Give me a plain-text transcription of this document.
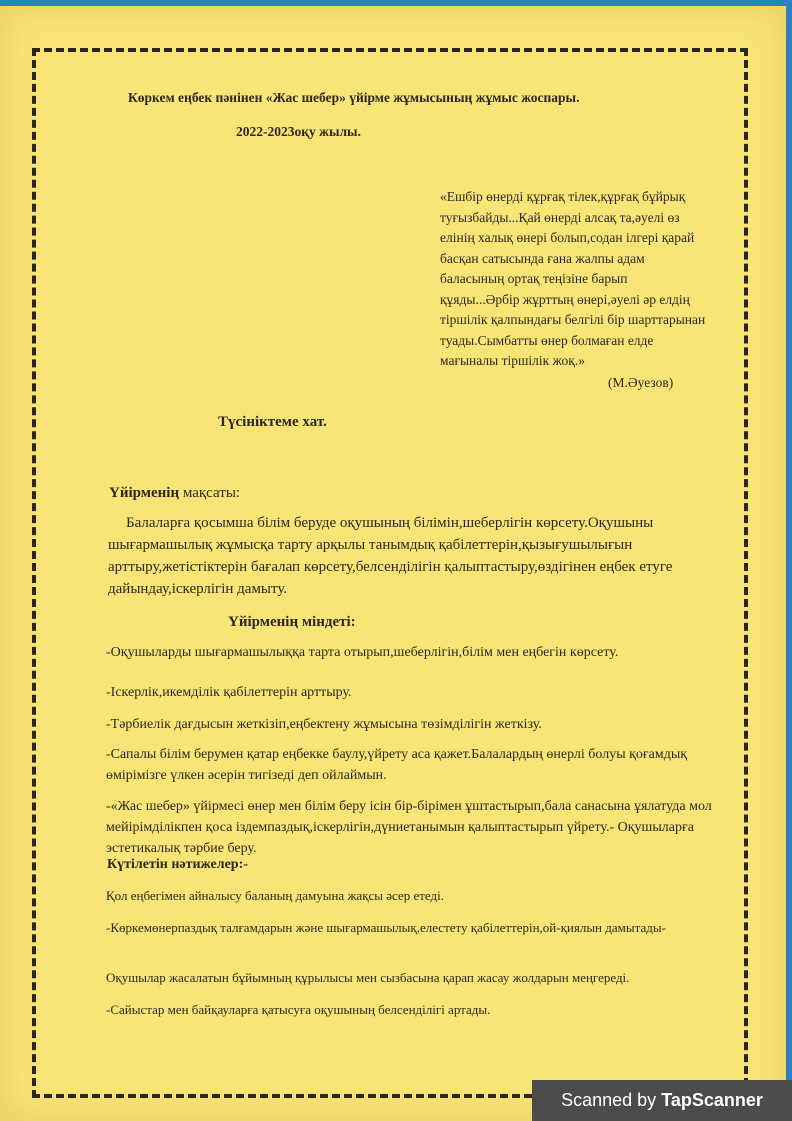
Көркем еңбек пәнінен «Жас шебер» үйірме жұмысының жұмыс жоспары.

2022-2023оқу жылы.

«Ешбір өнерді құрғақ тілек,құрғақ бұйрық
туғызбайды...Қай өнерді алсақ та,әуелі өз
елінің халық өнері болып,содан ілгері қарай
басқан сатысында ғана жалпы адам
баласының ортақ теңізіне барып
құяды...Әрбір жұрттың өнері,әуелі әр елдің
тіршілік қалпындағы белгілі бір шарттарынан
туады.Сымбатты өнер болмаған елде
мағыналы тіршілік жоқ.»

(М.Әуезов)

Түсініктеме хат.

Үйірменің мақсаты:

Балаларға қосымша білім беруде оқушының білімін,шеберлігін көрсету.Оқушыны шығармашылық жұмысқа тарту арқылы танымдық қабілеттерін,қызығушылығын арттыру,жетістіктерін бағалап көрсету,белсенділігін қалыптастыру,өздігінен еңбек етуге дайындау,іскерлігін дамыту.

Үйірменің міндеті:

-Оқушыларды шығармашылыққа тарта отырып,шеберлігін,білім мен еңбегін көрсету.

-Іскерлік,икемділік қабілеттерін арттыру.

-Тәрбиелік дағдысын жеткізіп,еңбектену жұмысына төзімділігін жеткізу.

-Сапалы білім берумен қатар еңбекке баулу,үйрету аса қажет.Балалардың өнерлі болуы қоғамдық өмірімізге үлкен әсерін тигізеді деп ойлаймын.

-«Жас шебер» үйірмесі өнер мен білім беру ісін бір-бірімен ұштастырып,бала санасына ұялатуда мол мейірімділікпен қоса іздемпаздық,іскерлігін,дүниетанымын қалыптастырып үйрету.- Оқушыларға эстетикалық тәрбие беру.

Күтілетін нәтижелер:-

Қол еңбегімен айналысу баланың дамуына жақсы әсер етеді.

-Көркемөнерпаздық талғамдарын және шығармашылық,елестету қабілеттерін,ой-қиялын дамытады-

Оқушылар жасалатын бұйымның құрылысы мен сызбасына қарап жасау жолдарын меңгереді.

-Сайыстар мен байқауларға қатысуға оқушының белсенділігі артады.

Scanned by TapScanner
